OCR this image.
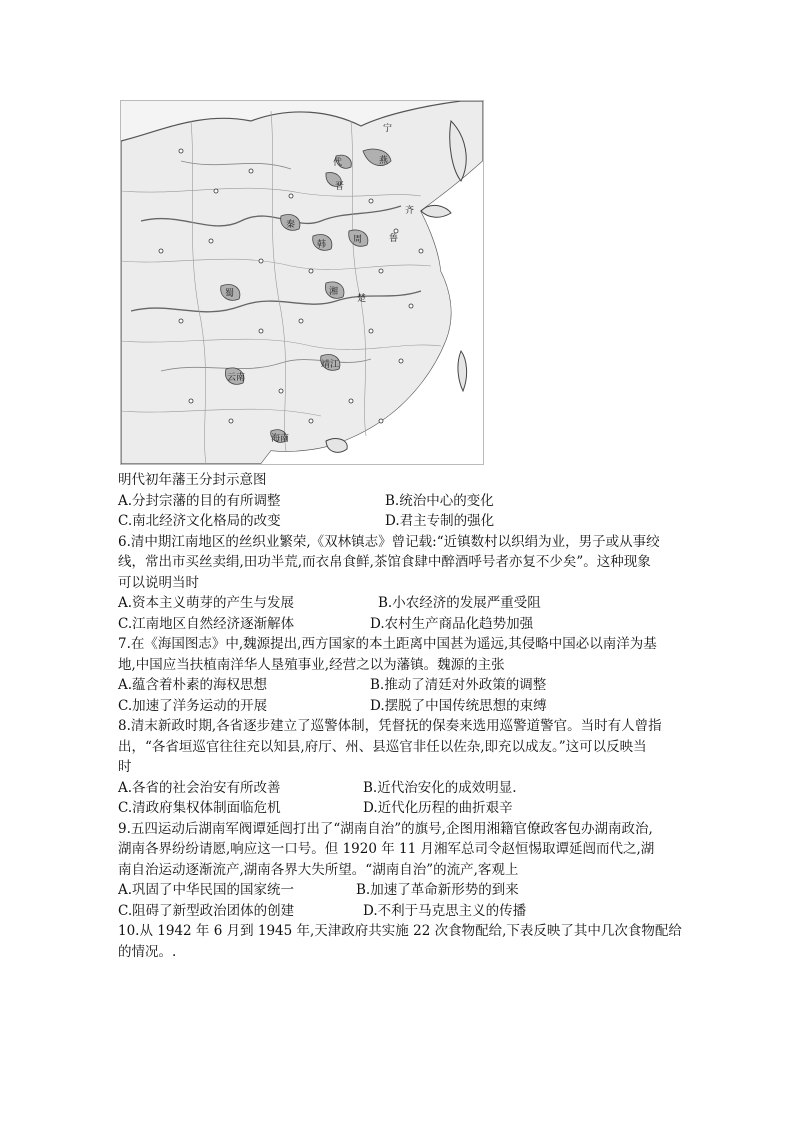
宁
燕
代
晋
齐
鲁
秦
周
韩
湘
楚
蜀
靖江
云南
海南
明代初年藩王分封示意图
A.分封宗藩的目的有所调整	B.统治中心的变化
C.南北经济文化格局的改变	D.君主专制的强化
6.清中期江南地区的丝织业繁荣,《双林镇志》曾记载:“近镇数村以织绢为业，男子或从事绞
线，常出市买丝卖绢,田功半荒,而衣帛食鲜,茶馆食肆中醉酒呼号者亦复不少矣”。这种现象
可以说明当时
A.资本主义萌芽的产生与发展	B.小农经济的发展严重受阻
C.江南地区自然经济逐渐解体	D.农村生产商品化趋势加强
7.在《海国图志》中,魏源提出,西方国家的本土距离中国甚为遥远,其侵略中国必以南洋为基
地,中国应当扶植南洋华人垦殖事业,经营之以为藩镇。魏源的主张
A.蕴含着朴素的海权思想	B.推动了清廷对外政策的调整
C.加速了洋务运动的开展	D.摆脱了中国传统思想的束缚
8.清末新政时期,各省逐步建立了巡警体制，凭督抚的保奏来选用巡警道警官。当时有人曾指
出，“各省垣巡官往往充以知县,府厅、州、县巡官非任以佐杂,即充以成友。”这可以反映当
时
A.各省的社会治安有所改善	B.近代治安化的成效明显.
C.清政府集权体制面临危机	D.近代化历程的曲折艰辛
9.五四运动后湖南军阀谭延闿打出了“湖南自治”的旗号,企图用湘籍官僚政客包办湖南政治,
湖南各界纷纷请愿,响应这一口号。但 1920 年 11 月湘军总司令赵恒惕取谭延闿而代之,湖
南自治运动逐渐流产,湖南各界大失所望。“湖南自治”的流产,客观上
A.巩固了中华民国的国家统一	B.加速了革命新形势的到来
C.阻碍了新型政治团体的创建	D.不利于马克思主义的传播
10.从 1942 年 6 月到 1945 年,天津政府共实施 22 次食物配给,下表反映了其中几次食物配给
的情况。.
